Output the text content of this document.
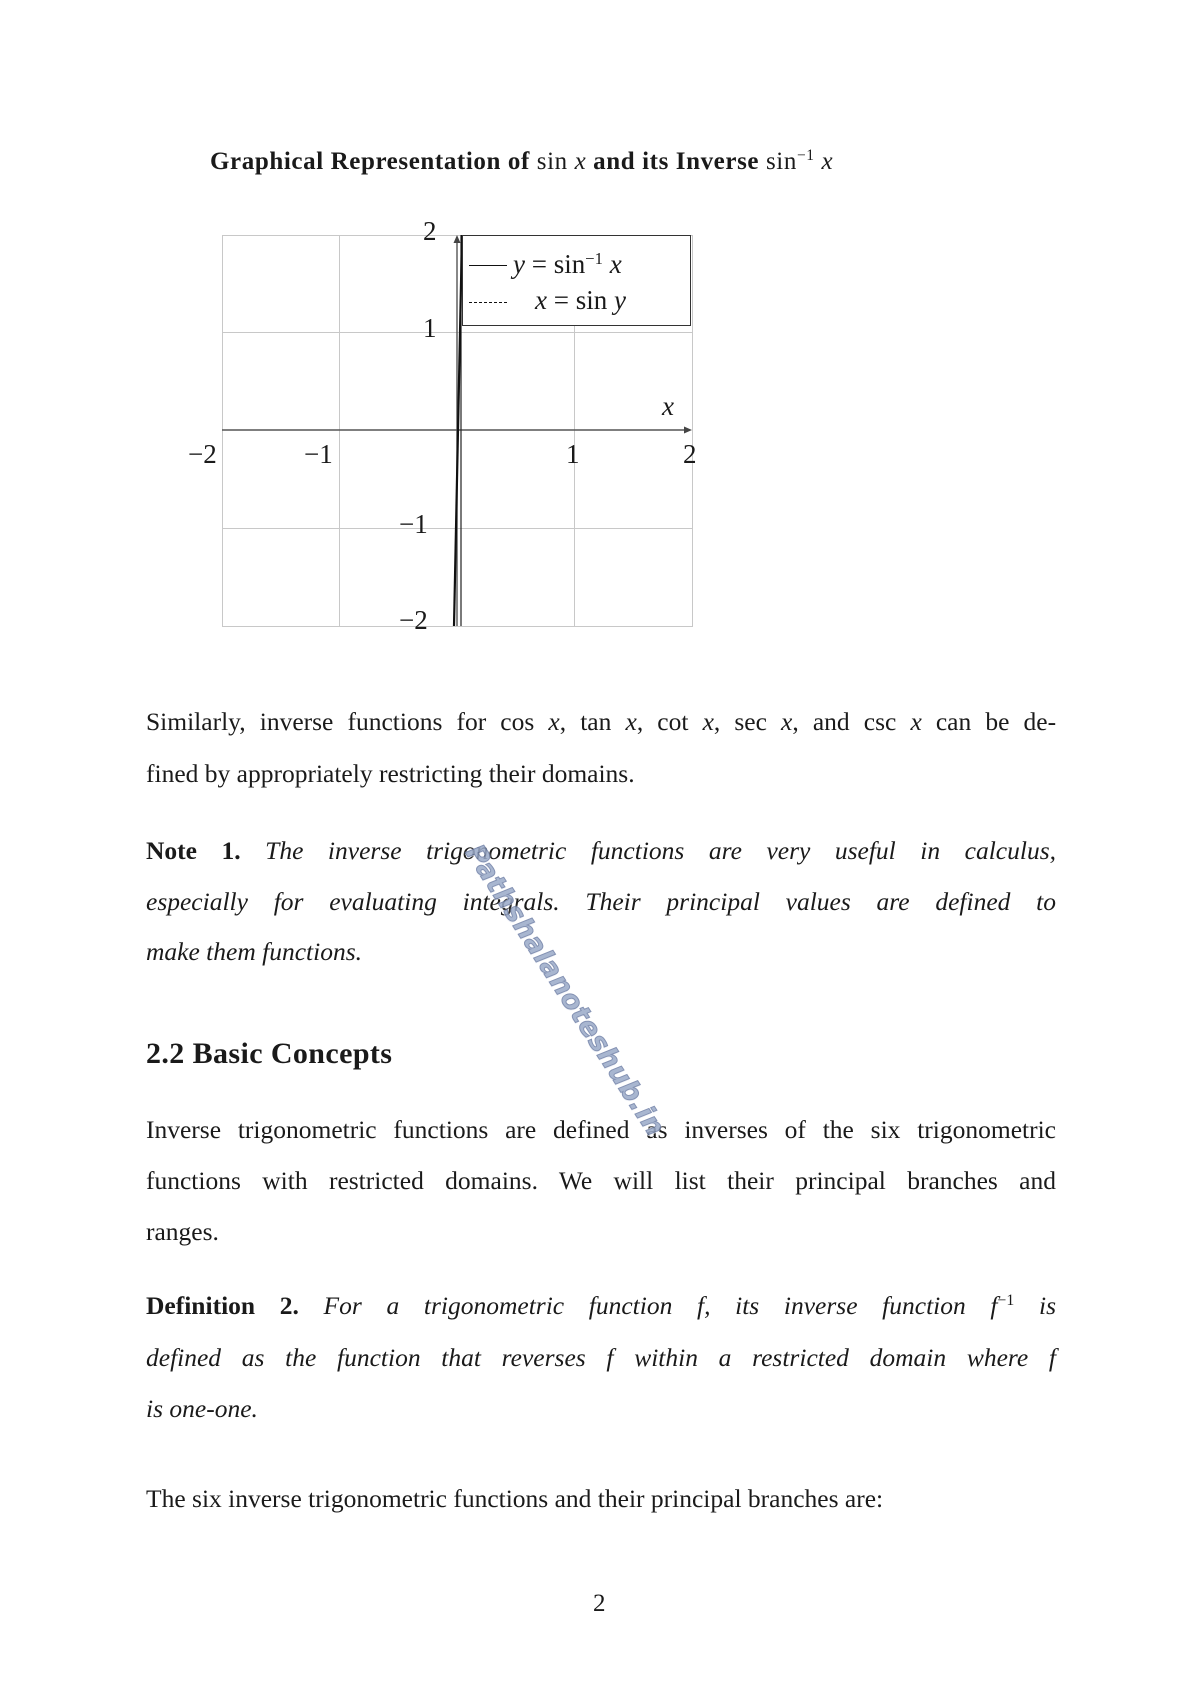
Graphical Representation of sin x and its Inverse $\sin^{-1} x$
−2	−1	1	2
2
1
−1
−2
x
$y = \sin^{-1} x$
x = sin y
Similarly, inverse functions for cos x, tan x, cot x, sec x, and csc x can be de-
fined by appropriately restricting their domains.
Note 1. The inverse trigonometric functions are very useful in calculus,
especially for evaluating integrals. Their principal values are defined to
make them functions.
2.2 Basic Concepts
Inverse trigonometric functions are defined as inverses of the six trigonometric
functions with restricted domains. We will list their principal branches and
ranges.
Definition 2. For a trigonometric function f, its inverse function $f^{-1}$ is
defined as the function that reverses f within a restricted domain where f
is one-one.
The six inverse trigonometric functions and their principal branches are:
2
Pathshalanoteshub.in
